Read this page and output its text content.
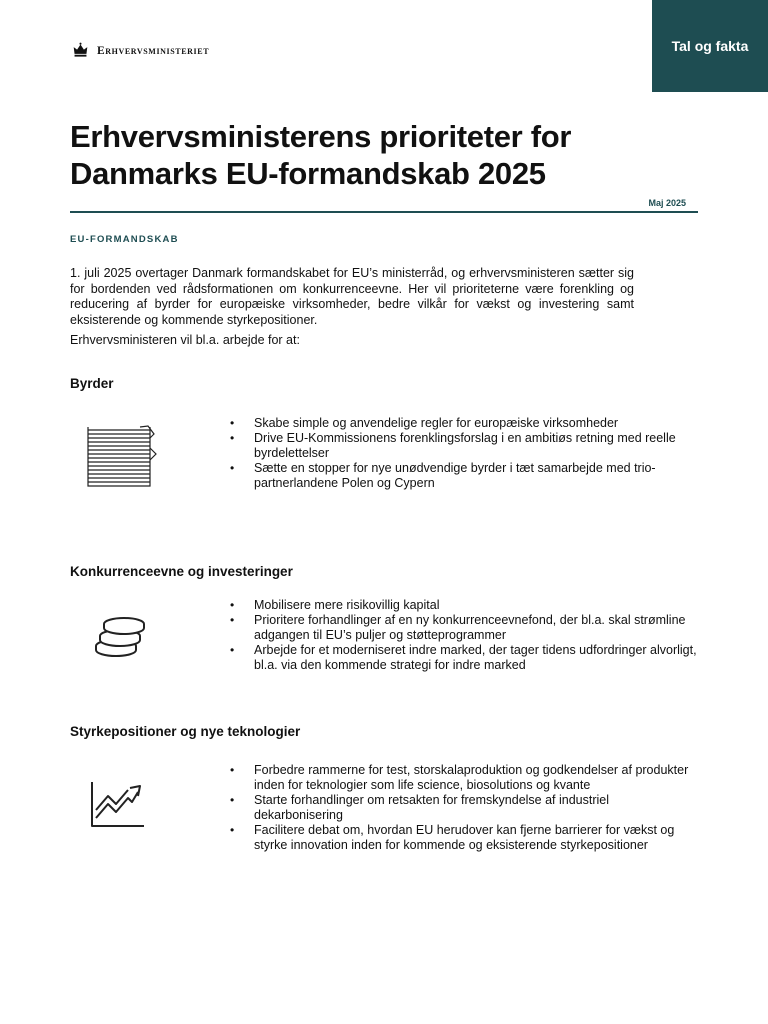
Tal og fakta
Erhvervsministeriet
Erhvervsministerens prioriteter for Danmarks EU-formandskab 2025
Maj 2025
EU-FORMANDSKAB

1. juli 2025 overtager Danmark formandskabet for EU’s ministerråd, og erhvervsministeren sætter sig for bordenden ved rådsformationen om konkurrenceevne. Her vil prioriteterne være forenkling og reducering af byrder for europæiske virksomheder, bedre vilkår for vækst og investering samt eksisterende og kommende styrkepositioner.

Erhvervsministeren vil bl.a. arbejde for at:

Byrder
• Skabe simple og anvendelige regler for europæiske virksomheder
• Drive EU-Kommissionens forenklingsforslag i en ambitiøs retning med reelle byrdelettelser
• Sætte en stopper for nye unødvendige byrder i tæt samarbejde med trio-partnerlandene Polen og Cypern
Konkurrenceevne og investeringer
• Mobilisere mere risikovillig kapital
• Prioritere forhandlinger af en ny konkurrenceevnefond, der bl.a. skal strømline adgangen til EU’s puljer og støtteprogrammer
• Arbejde for et moderniseret indre marked, der tager tidens udfordringer alvorligt, bl.a. via den kommende strategi for indre marked
Styrkepositioner og nye teknologier
• Forbedre rammerne for test, storskalaproduktion og godkendelser af produkter inden for teknologier som life science, biosolutions og kvante
• Starte forhandlinger om retsakten for fremskyndelse af industriel dekarbonisering
• Facilitere debat om, hvordan EU herudover kan fjerne barrierer for vækst og styrke innovation inden for kommende og eksisterende styrkepositioner
